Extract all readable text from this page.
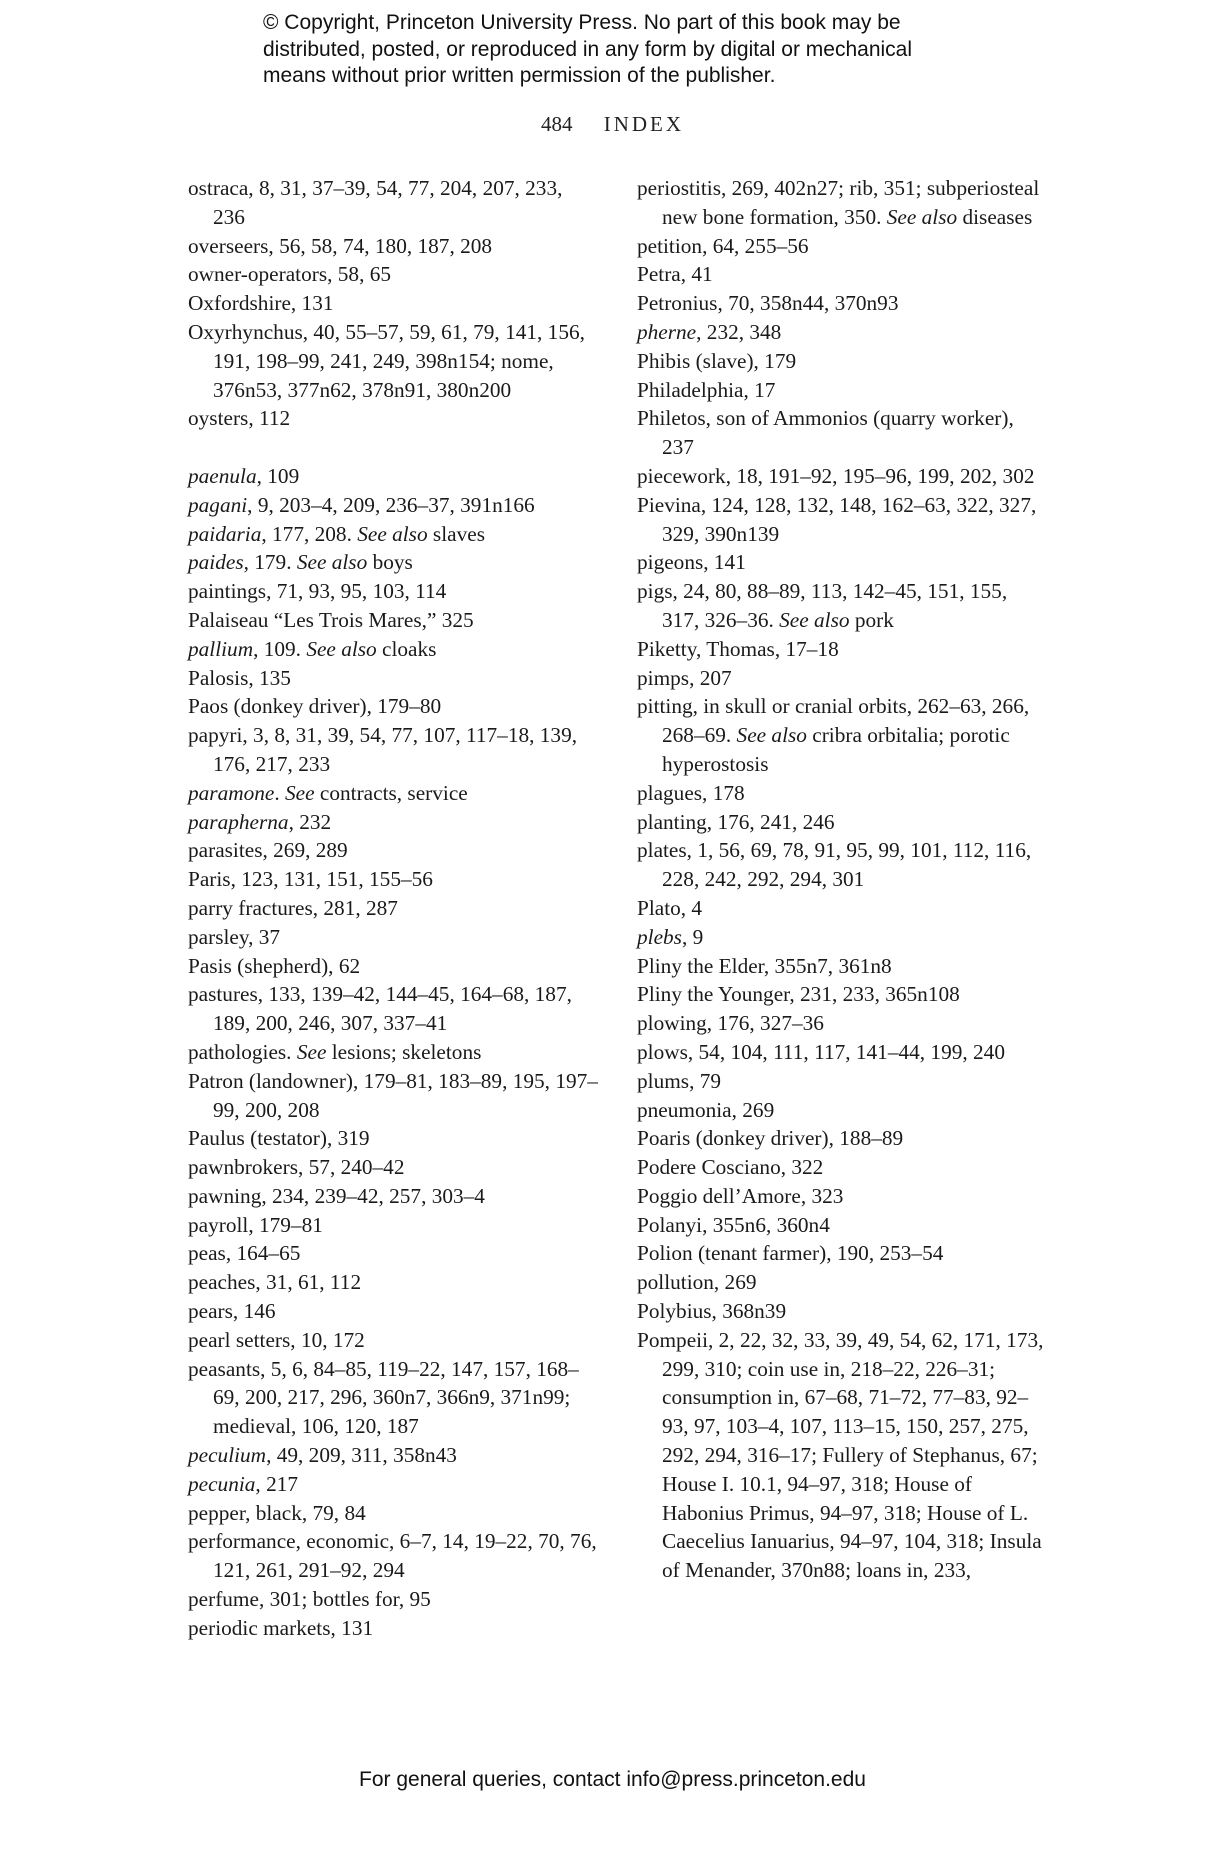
© Copyright, Princeton University Press. No part of this book may be
distributed, posted, or reproduced in any form by digital or mechanical
means without prior written permission of the publisher.
484 INDEX

ostraca, 8, 31, 37–39, 54, 77, 204, 207, 233, 236

overseers, 56, 58, 74, 180, 187, 208

owner-operators, 58, 65

Oxfordshire, 131

Oxyrhynchus, 40, 55–57, 59, 61, 79, 141, 156, 191, 198–99, 241, 249, 398n154; nome, 376n53, 377n62, 378n91, 380n200

oysters, 112

paenula, 109

pagani, 9, 203–4, 209, 236–37, 391n166

paidaria, 177, 208. See also slaves

paides, 179. See also boys

paintings, 71, 93, 95, 103, 114

Palaiseau “Les Trois Mares,” 325

pallium, 109. See also cloaks

Palosis, 135

Paos (donkey driver), 179–80

papyri, 3, 8, 31, 39, 54, 77, 107, 117–18, 139, 176, 217, 233

paramone. See contracts, service

parapherna, 232

parasites, 269, 289

Paris, 123, 131, 151, 155–56

parry fractures, 281, 287

parsley, 37

Pasis (shepherd), 62

pastures, 133, 139–42, 144–45, 164–68, 187, 189, 200, 246, 307, 337–41

pathologies. See lesions; skeletons

Patron (landowner), 179–81, 183–89, 195, 197–99, 200, 208

Paulus (testator), 319

pawnbrokers, 57, 240–42

pawning, 234, 239–42, 257, 303–4

payroll, 179–81

peas, 164–65

peaches, 31, 61, 112

pears, 146

pearl setters, 10, 172

peasants, 5, 6, 84–85, 119–22, 147, 157, 168–69, 200, 217, 296, 360n7, 366n9, 371n99; medieval, 106, 120, 187

peculium, 49, 209, 311, 358n43

pecunia, 217

pepper, black, 79, 84

performance, economic, 6–7, 14, 19–22, 70, 76, 121, 261, 291–92, 294

perfume, 301; bottles for, 95

periodic markets, 131

periostitis, 269, 402n27; rib, 351; subperiosteal new bone formation, 350. See also diseases

petition, 64, 255–56

Petra, 41

Petronius, 70, 358n44, 370n93

pherne, 232, 348

Phibis (slave), 179

Philadelphia, 17

Philetos, son of Ammonios (quarry worker), 237

piecework, 18, 191–92, 195–96, 199, 202, 302

Pievina, 124, 128, 132, 148, 162–63, 322, 327, 329, 390n139

pigeons, 141

pigs, 24, 80, 88–89, 113, 142–45, 151, 155, 317, 326–36. See also pork

Piketty, Thomas, 17–18

pimps, 207

pitting, in skull or cranial orbits, 262–63, 266, 268–69. See also cribra orbitalia; porotic hyperostosis

plagues, 178

planting, 176, 241, 246

plates, 1, 56, 69, 78, 91, 95, 99, 101, 112, 116, 228, 242, 292, 294, 301

Plato, 4

plebs, 9

Pliny the Elder, 355n7, 361n8

Pliny the Younger, 231, 233, 365n108

plowing, 176, 327–36

plows, 54, 104, 111, 117, 141–44, 199, 240

plums, 79

pneumonia, 269

Poaris (donkey driver), 188–89

Podere Cosciano, 322

Poggio dell’Amore, 323

Polanyi, 355n6, 360n4

Polion (tenant farmer), 190, 253–54

pollution, 269

Polybius, 368n39

Pompeii, 2, 22, 32, 33, 39, 49, 54, 62, 171, 173, 299, 310; coin use in, 218–22, 226–31; consumption in, 67–68, 71–72, 77–83, 92–93, 97, 103–4, 107, 113–15, 150, 257, 275, 292, 294, 316–17; Fullery of Stephanus, 67; House I. 10.1, 94–97, 318; House of Habonius Primus, 94–97, 318; House of L. Caecelius Ianuarius, 94–97, 104, 318; Insula of Menander, 370n88; loans in, 233,

For general queries, contact info@press.princeton.edu
